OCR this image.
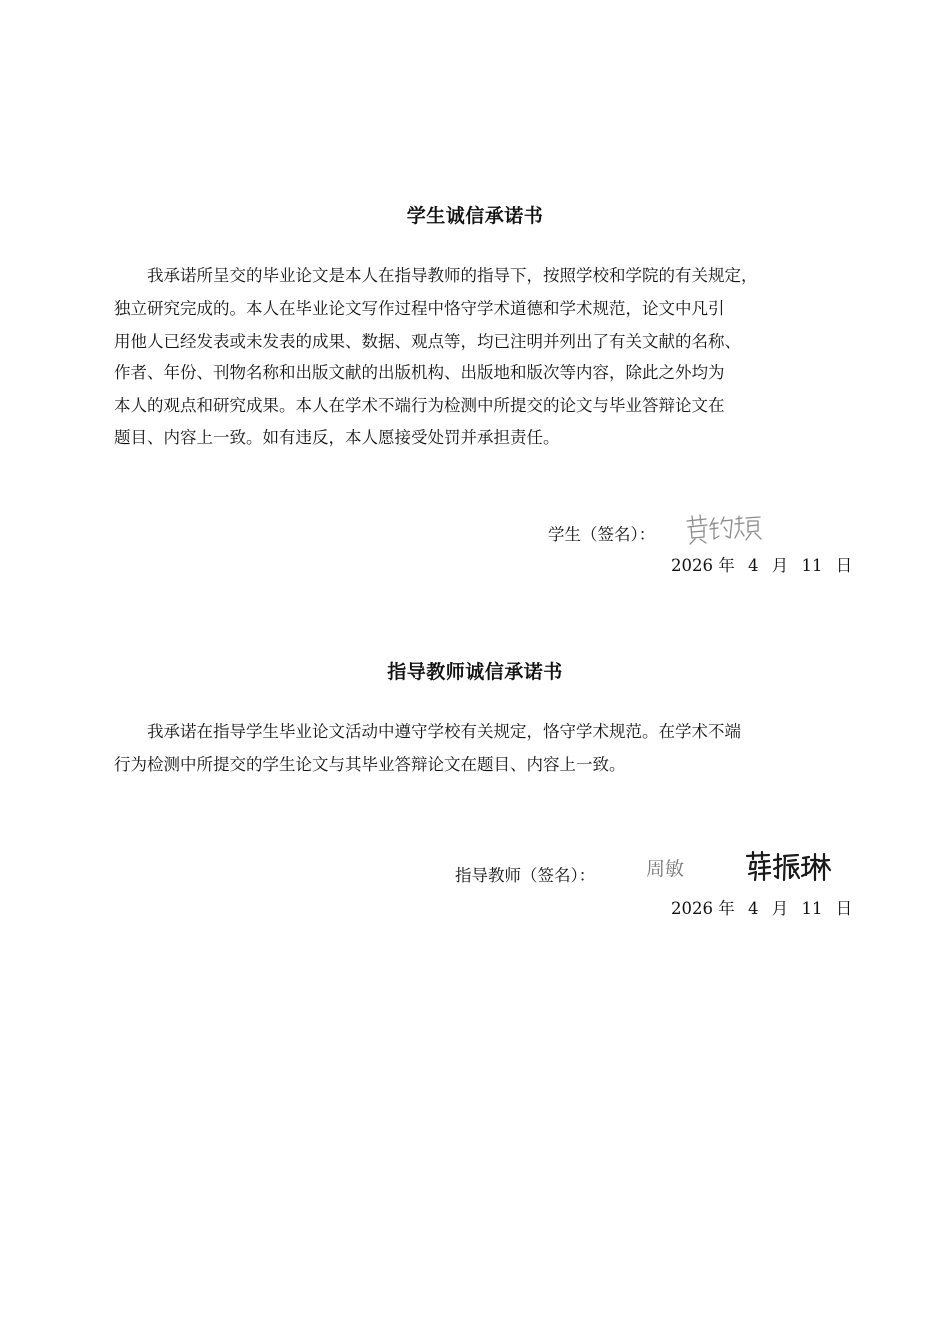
学生诚信承诺书

我承诺所呈交的毕业论文是本人在指导教师的指导下，按照学校和学院的有关规定，

独立研究完成的。本人在毕业论文写作过程中恪守学术道德和学术规范，论文中凡引

用他人已经发表或未发表的成果、数据、观点等，均已注明并列出了有关文献的名称、

作者、年份、刊物名称和出版文献的出版机构、出版地和版次等内容，除此之外均为

本人的观点和研究成果。本人在学术不端行为检测中所提交的论文与毕业答辩论文在

题目、内容上一致。如有违反，本人愿接受处罚并承担责任。

学生（签名）：
2026 年 4 月 11 日
指导教师诚信承诺书

我承诺在指导学生毕业论文活动中遵守学校有关规定，恪守学术规范。在学术不端

行为检测中所提交的学生论文与其毕业答辩论文在题目、内容上一致。

指导教师（签名）：	周敏
2026 年 4 月 11 日
